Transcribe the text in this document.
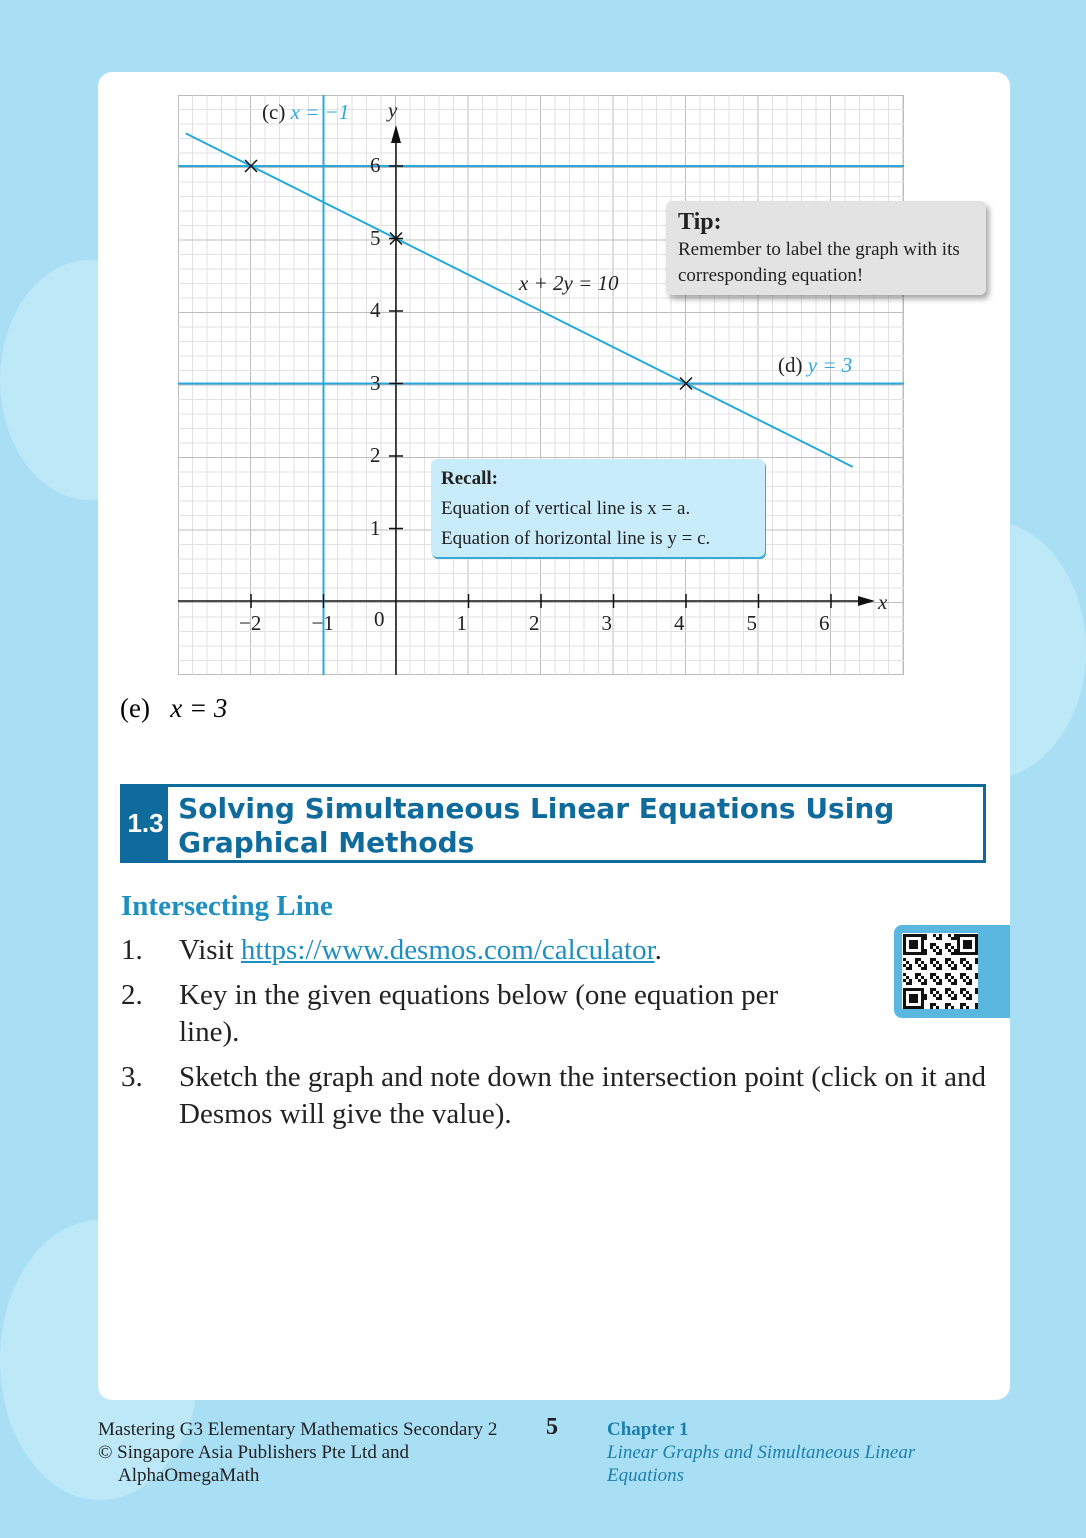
(c) x = −1 y
x
0
x + 2y = 10
(d) y = 3
−2 −1	1	2	3	4	5	6
1
2
3
4
5
6
Tip:
Remember to label the graph with its corresponding equation!
Recall:
Equation of vertical line is x = a.
Equation of horizontal line is y = c.
(e) x = 3
1.3 Solving Simultaneous Linear Equations Using Graphical Methods
Intersecting Line
1. Visit https://www.desmos.com/calculator.
2. Key in the given equations below (one equation per line).
3. Sketch the graph and note down the intersection point (click on it and Desmos will give the value).
Mastering G3 Elementary Mathematics Secondary 2
© Singapore Asia Publishers Pte Ltd and
AlphaOmegaMath
5	Chapter 1
Linear Graphs and Simultaneous Linear Equations
